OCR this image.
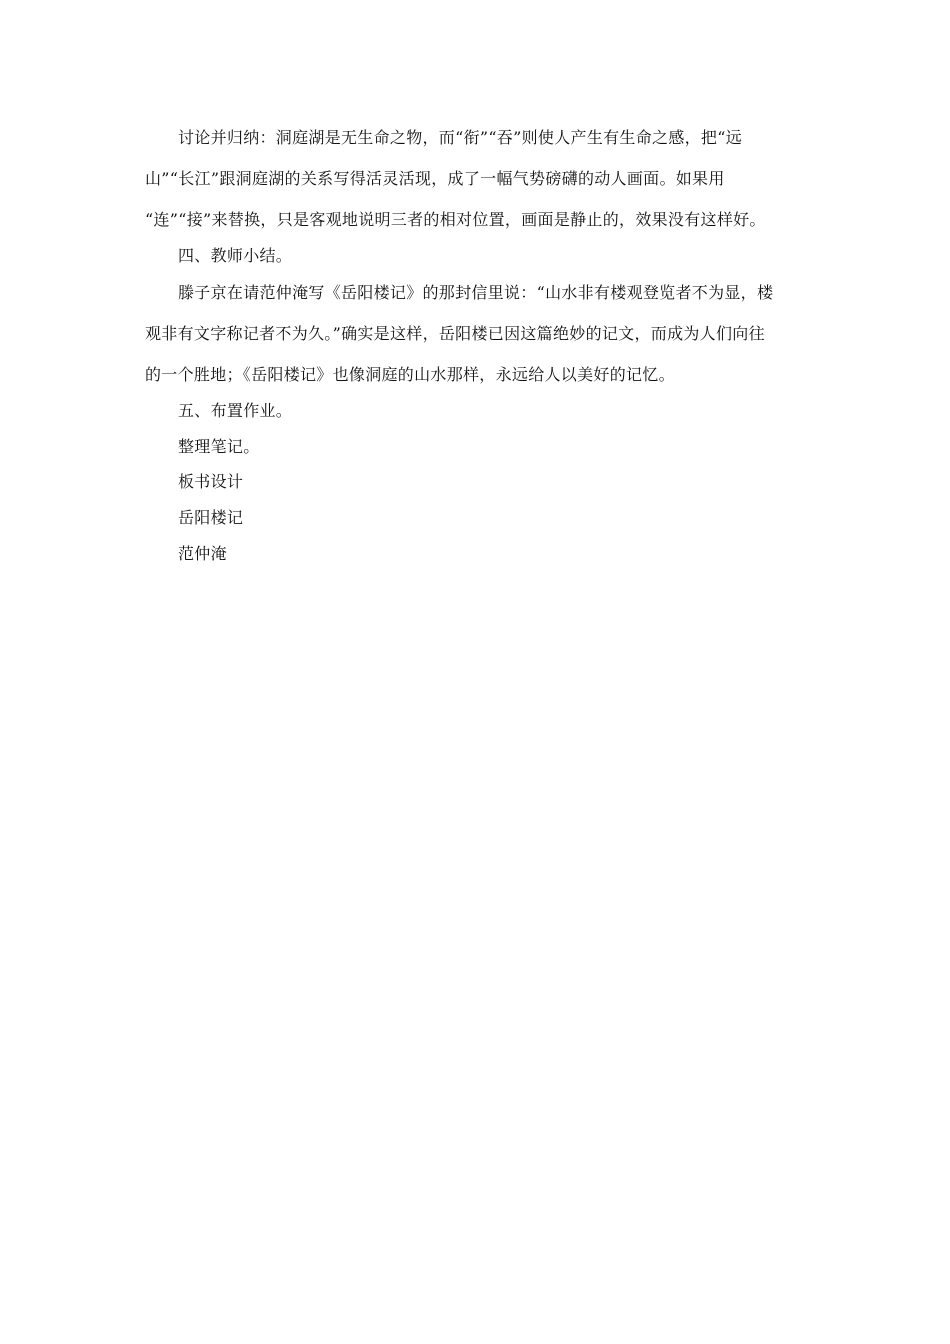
讨论并归纳：洞庭湖是无生命之物，而“衔”“吞”则使人产生有生命之感，把“远
山”“长江”跟洞庭湖的关系写得活灵活现，成了一幅气势磅礴的动人画面。如果用
“连”“接”来替换，只是客观地说明三者的相对位置，画面是静止的，效果没有这样好。
四、教师小结。
滕子京在请范仲淹写《岳阳楼记》的那封信里说：“山水非有楼观登览者不为显，楼
观非有文字称记者不为久。”确实是这样，岳阳楼已因这篇绝妙的记文，而成为人们向往
的一个胜地；《岳阳楼记》也像洞庭的山水那样，永远给人以美好的记忆。
五、布置作业。
整理笔记。
板书设计
岳阳楼记
范仲淹
